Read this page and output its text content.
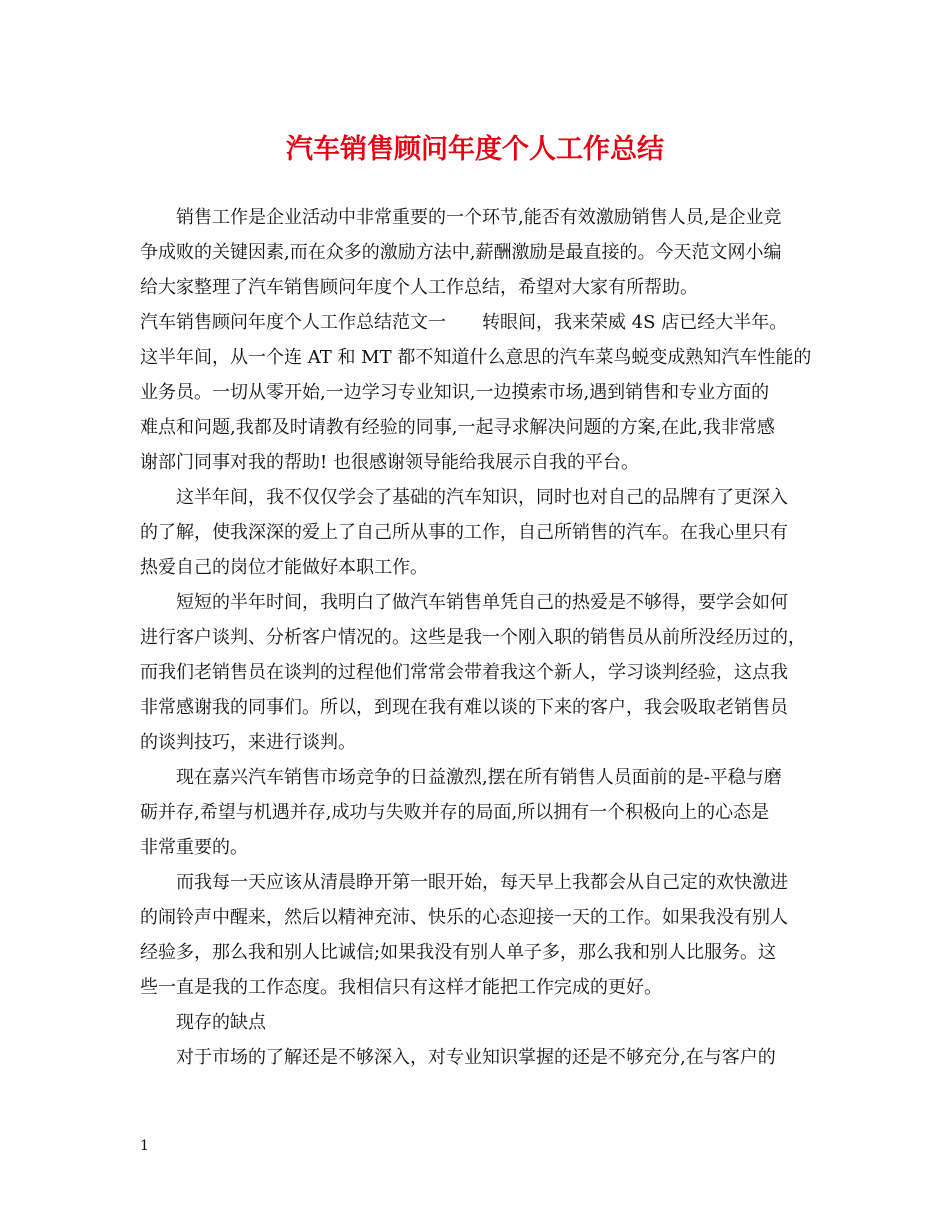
汽车销售顾问年度个人工作总结

销售工作是企业活动中非常重要的一个环节,能否有效激励销售人员,是企业竞

争成败的关键因素,而在众多的激励方法中,薪酬激励是最直接的。今天范文网小编

给大家整理了汽车销售顾问年度个人工作总结，希望对大家有所帮助。

汽车销售顾问年度个人工作总结范文一　　转眼间，我来荣威 4S 店已经大半年。

这半年间，从一个连 AT 和 MT 都不知道什么意思的汽车菜鸟蜕变成熟知汽车性能的

业务员。一切从零开始,一边学习专业知识,一边摸索市场,遇到销售和专业方面的

难点和问题,我都及时请教有经验的同事,一起寻求解决问题的方案,在此,我非常感

谢部门同事对我的帮助! 也很感谢领导能给我展示自我的平台。

这半年间，我不仅仅学会了基础的汽车知识，同时也对自己的品牌有了更深入

的了解，使我深深的爱上了自己所从事的工作，自己所销售的汽车。在我心里只有

热爱自己的岗位才能做好本职工作。

短短的半年时间，我明白了做汽车销售单凭自己的热爱是不够得，要学会如何

进行客户谈判、分析客户情况的。这些是我一个刚入职的销售员从前所没经历过的，

而我们老销售员在谈判的过程他们常常会带着我这个新人，学习谈判经验，这点我

非常感谢我的同事们。所以，到现在我有难以谈的下来的客户，我会吸取老销售员

的谈判技巧，来进行谈判。

现在嘉兴汽车销售市场竞争的日益激烈,摆在所有销售人员面前的是-平稳与磨

砺并存,希望与机遇并存,成功与失败并存的局面,所以拥有一个积极向上的心态是

非常重要的。

而我每一天应该从清晨睁开第一眼开始，每天早上我都会从自己定的欢快激进

的闹铃声中醒来，然后以精神充沛、快乐的心态迎接一天的工作。如果我没有别人

经验多，那么我和别人比诚信;如果我没有别人单子多，那么我和别人比服务。这

些一直是我的工作态度。我相信只有这样才能把工作完成的更好。

现存的缺点

对于市场的了解还是不够深入，对专业知识掌握的还是不够充分,在与客户的

1
